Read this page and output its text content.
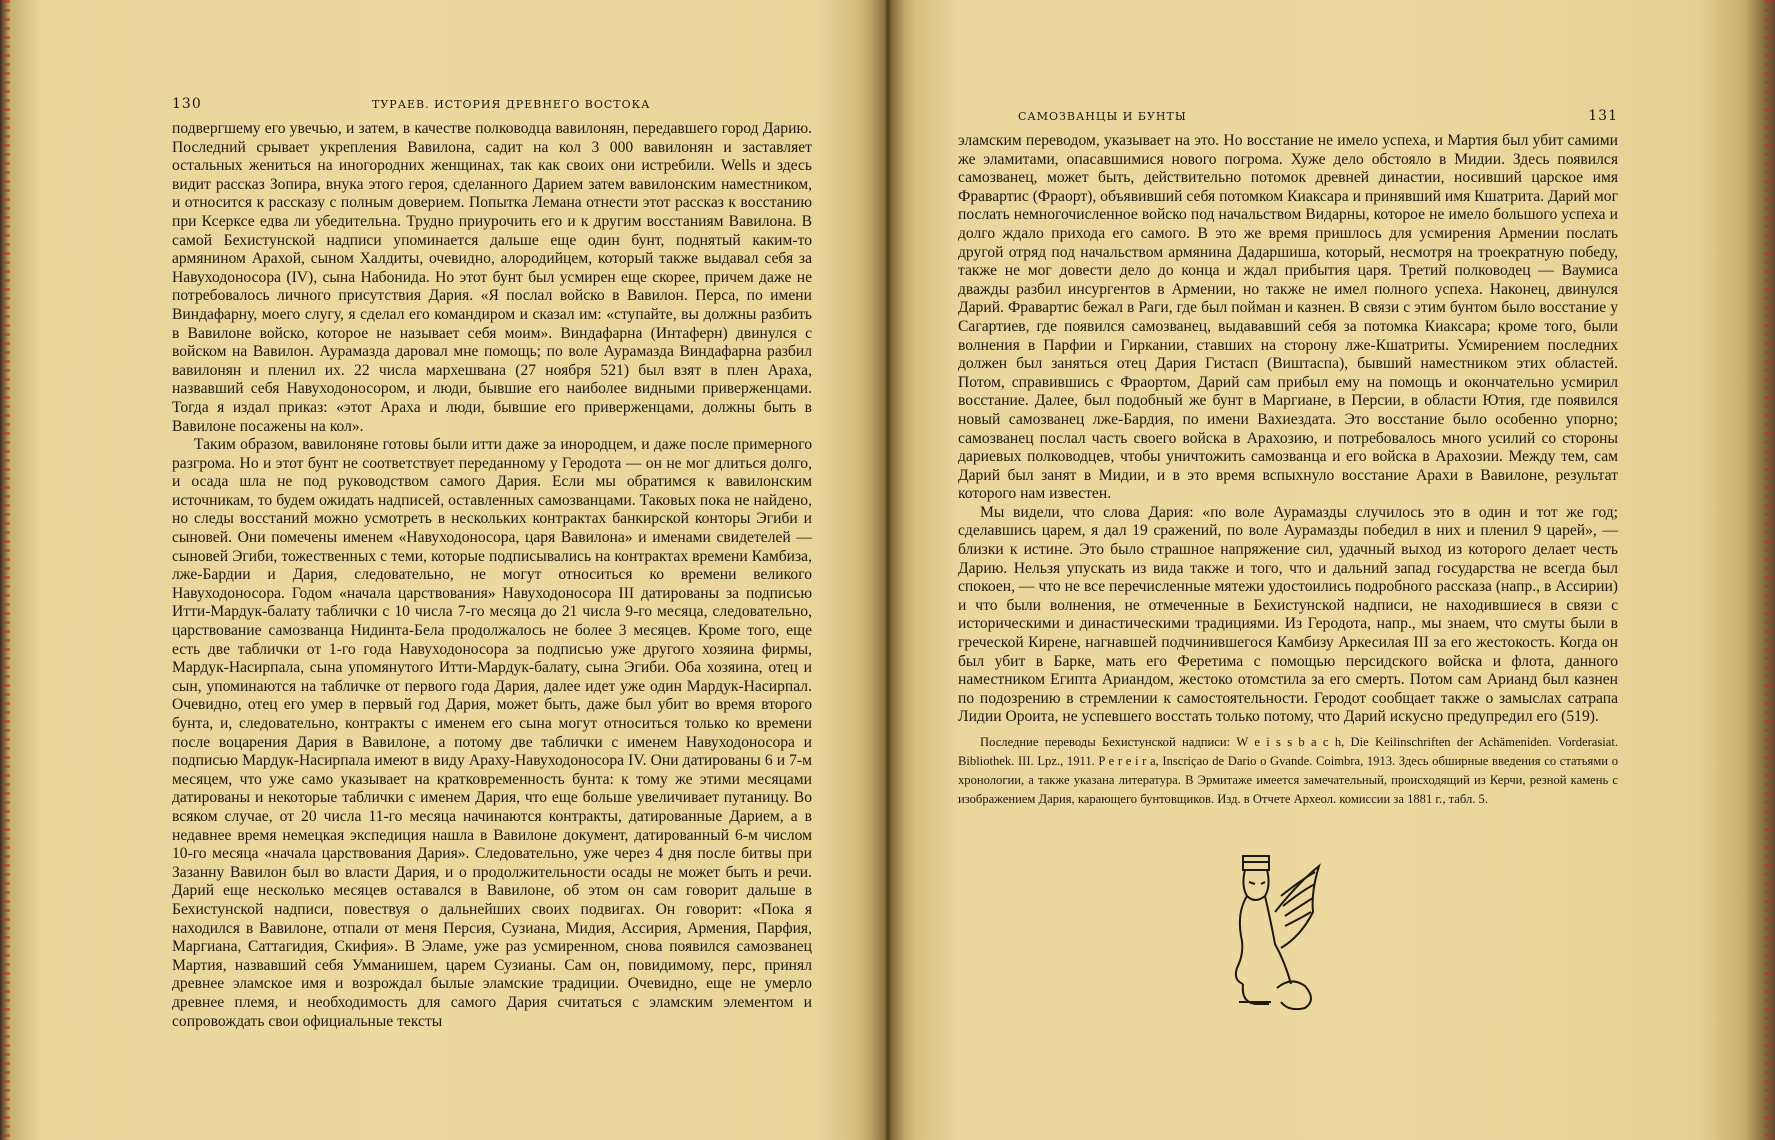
130	ТУРАЕВ. ИСТОРИЯ ДРЕВНЕГО ВОСТОКА

подвергшему его увечью, и затем, в качестве полководца вавилонян, передавшего город Дарию. Последний срывает укрепления Вавилона, садит на кол 3 000 вавилонян и заставляет остальных жениться на иногородних женщинах, так как своих они истребили. Wells и здесь видит рассказ Зопира, внука этого героя, сделанного Дарием затем вавилонским наместником, и относится к рассказу с полным доверием. Попытка Лемана отнести этот рассказ к восстанию при Ксерксе едва ли убедительна. Трудно приурочить его и к другим восстаниям Вавилона. В самой Бехистунской надписи упоминается дальше еще один бунт, поднятый каким-то армянином Арахой, сыном Халдиты, очевидно, алородийцем, который также выдавал себя за Навуходоносора (IV), сына Набонида. Но этот бунт был усмирен еще скорее, причем даже не потребовалось личного присутствия Дария. «Я послал войско в Вавилон. Перса, по имени Виндафарну, моего слугу, я сделал его командиром и сказал им: «ступайте, вы должны разбить в Вавилоне войско, которое не называет себя моим». Виндафарна (Интаферн) двинулся с войском на Вавилон. Аурамазда даровал мне помощь; по воле Аурамазда Виндафарна разбил вавилонян и пленил их. 22 числа мархешвана (27 ноября 521) был взят в плен Араха, назвавший себя Навуходоносором, и люди, бывшие его наиболее видными приверженцами. Тогда я издал приказ: «этот Араха и люди, бывшие его приверженцами, должны быть в Вавилоне посажены на кол».

Таким образом, вавилоняне готовы были итти даже за инородцем, и даже после примерного разгрома. Но и этот бунт не соответствует переданному у Геродота — он не мог длиться долго, и осада шла не под руководством самого Дария. Если мы обратимся к вавилонским источникам, то будем ожидать надписей, оставленных самозванцами. Таковых пока не найдено, но следы восстаний можно усмотреть в нескольких контрактах банкирской конторы Эгиби и сыновей. Они помечены именем «Навуходоносора, царя Вавилона» и именами свидетелей — сыновей Эгиби, тожественных с теми, которые подписывались на контрактах времени Камбиза, лже-Бардии и Дария, следовательно, не могут относиться ко времени великого Навуходоносора. Годом «начала царствования» Навуходоносора III датированы за подписью Итти-Мардук-балату таблички с 10 числа 7-го месяца до 21 числа 9-го месяца, следовательно, царствование самозванца Нидинта-Бела продолжалось не более 3 месяцев. Кроме того, еще есть две таблички от 1-го года Навуходоносора за подписью уже другого хозяина фирмы, Мардук-Насирпала, сына упомянутого Итти-Мардук-балату, сына Эгиби. Оба хозяина, отец и сын, упоминаются на табличке от первого года Дария, далее идет уже один Мардук-Насирпал. Очевидно, отец его умер в первый год Дария, может быть, даже был убит во время второго бунта, и, следовательно, контракты с именем его сына могут относиться только ко времени после воцарения Дария в Вавилоне, а потому две таблички с именем Навуходоносора и подписью Мардук-Насирпала имеют в виду Араху-Навуходоносора IV. Они датированы 6 и 7-м месяцем, что уже само указывает на кратковременность бунта: к тому же этими месяцами датированы и некоторые таблички с именем Дария, что еще больше увеличивает путаницу. Во всяком случае, от 20 числа 11-го месяца начинаются контракты, датированные Дарием, а в недавнее время немецкая экспедиция нашла в Вавилоне документ, датированный 6-м числом 10-го месяца «начала царствования Дария». Следовательно, уже через 4 дня после битвы при Зазанну Вавилон был во власти Дария, и о продолжительности осады не может быть и речи. Дарий еще несколько месяцев оставался в Вавилоне, об этом он сам говорит дальше в Бехистунской надписи, повествуя о дальнейших своих подвигах. Он говорит: «Пока я находился в Вавилоне, отпали от меня Персия, Сузиана, Мидия, Ассирия, Армения, Парфия, Маргиана, Саттагидия, Скифия». В Эламе, уже раз усмиренном, снова появился самозванец Мартия, назвавший себя Умманишем, царем Сузианы. Сам он, повидимому, перс, принял древнее эламское имя и возрождал былые эламские традиции. Очевидно, еще не умерло древнее племя, и необходимость для самого Дария считаться с эламским элементом и сопровождать свои официальные тексты

САМОЗВАНЦЫ И БУНТЫ	131

эламским переводом, указывает на это. Но восстание не имело успеха, и Мартия был убит самими же эламитами, опасавшимися нового погрома. Хуже дело обстояло в Мидии. Здесь появился самозванец, может быть, действительно потомок древней династии, носивший царское имя Фравартис (Фраорт), объявивший себя потомком Киаксара и принявший имя Кшатрита. Дарий мог послать немногочисленное войско под начальством Видарны, которое не имело большого успеха и долго ждало прихода его самого. В это же время пришлось для усмирения Армении послать другой отряд под начальством армянина Дадаршиша, который, несмотря на троекратную победу, также не мог довести дело до конца и ждал прибытия царя. Третий полководец — Ваумиса дважды разбил инсургентов в Армении, но также не имел полного успеха. Наконец, двинулся Дарий. Фравартис бежал в Раги, где был пойман и казнен. В связи с этим бунтом было восстание у Сагартиев, где появился самозванец, выдававший себя за потомка Киаксара; кроме того, были волнения в Парфии и Гиркании, ставших на сторону лже-Кшатриты. Усмирением последних должен был заняться отец Дария Гистасп (Виштаспа), бывший наместником этих областей. Потом, справившись с Фраортом, Дарий сам прибыл ему на помощь и окончательно усмирил восстание. Далее, был подобный же бунт в Маргиане, в Персии, в области Ютия, где появился новый самозванец лже-Бардия, по имени Вахиездата. Это восстание было особенно упорно; самозванец послал часть своего войска в Арахозию, и потребовалось много усилий со стороны дариевых полководцев, чтобы уничтожить самозванца и его войска в Арахозии. Между тем, сам Дарий был занят в Мидии, и в это время вспыхнуло восстание Арахи в Вавилоне, результат которого нам известен.

Мы видели, что слова Дария: «по воле Аурамазды случилось это в один и тот же год; сделавшись царем, я дал 19 сражений, по воле Аурамазды победил в них и пленил 9 царей», — близки к истине. Это было страшное напряжение сил, удачный выход из которого делает честь Дарию. Нельзя упускать из вида также и того, что и дальний запад государства не всегда был спокоен, — что не все перечисленные мятежи удостоились подробного рассказа (напр., в Ассирии) и что были волнения, не отмеченные в Бехистунской надписи, не находившиеся в связи с историческими и династическими традициями. Из Геродота, напр., мы знаем, что смуты были в греческой Кирене, нагнавшей подчинившегося Камбизу Аркесилая III за его жестокость. Когда он был убит в Барке, мать его Феретима с помощью персидского войска и флота, данного наместником Египта Ариандом, жестоко отомстила за его смерть. Потом сам Арианд был казнен по подозрению в стремлении к самостоятельности. Геродот сообщает также о замыслах сатрапа Лидии Ороита, не успевшего восстать только потому, что Дарий искусно предупредил его (519).

Последние переводы Бехистунской надписи: W e i s s b a c h, Die Keilinschriften der Achämeniden. Vorderasiat. Bibliothek. III. Lpz., 1911. P e r e i r a, Inscriçao de Dario o Gvande. Coimbra, 1913. Здесь обширные введения со статьями о хронологии, а также указана литература. В Эрмитаже имеется замечательный, происходящий из Керчи, резной камень с изображением Дария, карающего бунтовщиков. Изд. в Отчете Археол. комиссии за 1881 г., табл. 5.
